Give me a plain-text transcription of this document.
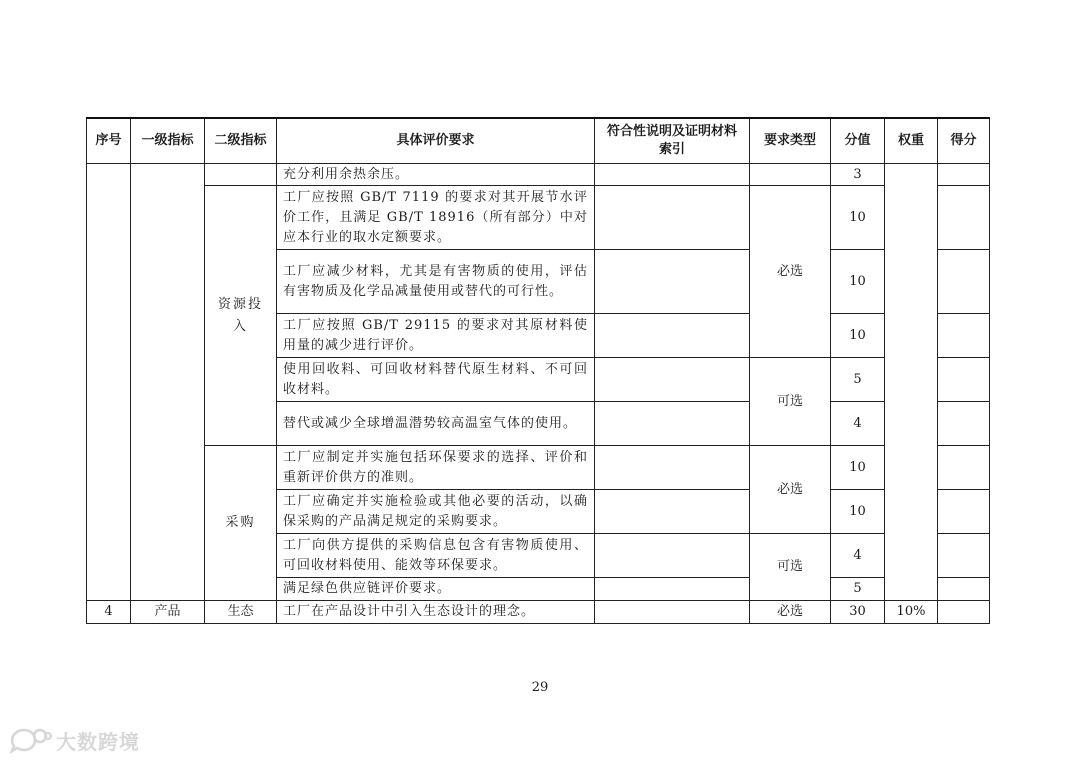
序号	一级指标	二级指标	具体评价要求	符合性说明及证明材料索引	要求类型	分值	权重	得分
			充分利用余热余压。			3		
		资源投入	工厂应按照 GB/T 7119 的要求对其开展节水评价工作，且满足 GB/T 18916（所有部分）中对应本行业的取水定额要求。		必选	10		
			工厂应减少材料，尤其是有害物质的使用，评估有害物质及化学品减量使用或替代的可行性。			10		
			工厂应按照 GB/T 29115 的要求对其原材料使用量的减少进行评价。			10		
			使用回收料、可回收材料替代原生材料、不可回收材料。		可选	5		
			替代或减少全球增温潜势较高温室气体的使用。			4		
		采购	工厂应制定并实施包括环保要求的选择、评价和重新评价供方的准则。		必选	10		
			工厂应确定并实施检验或其他必要的活动，以确保采购的产品满足规定的采购要求。			10		
			工厂向供方提供的采购信息包含有害物质使用、可回收材料使用、能效等环保要求。		可选	4		
			满足绿色供应链评价要求。			5		

4	产品	生态	工厂在产品设计中引入生态设计的理念。		必选	30	10%	
29
大数跨境
